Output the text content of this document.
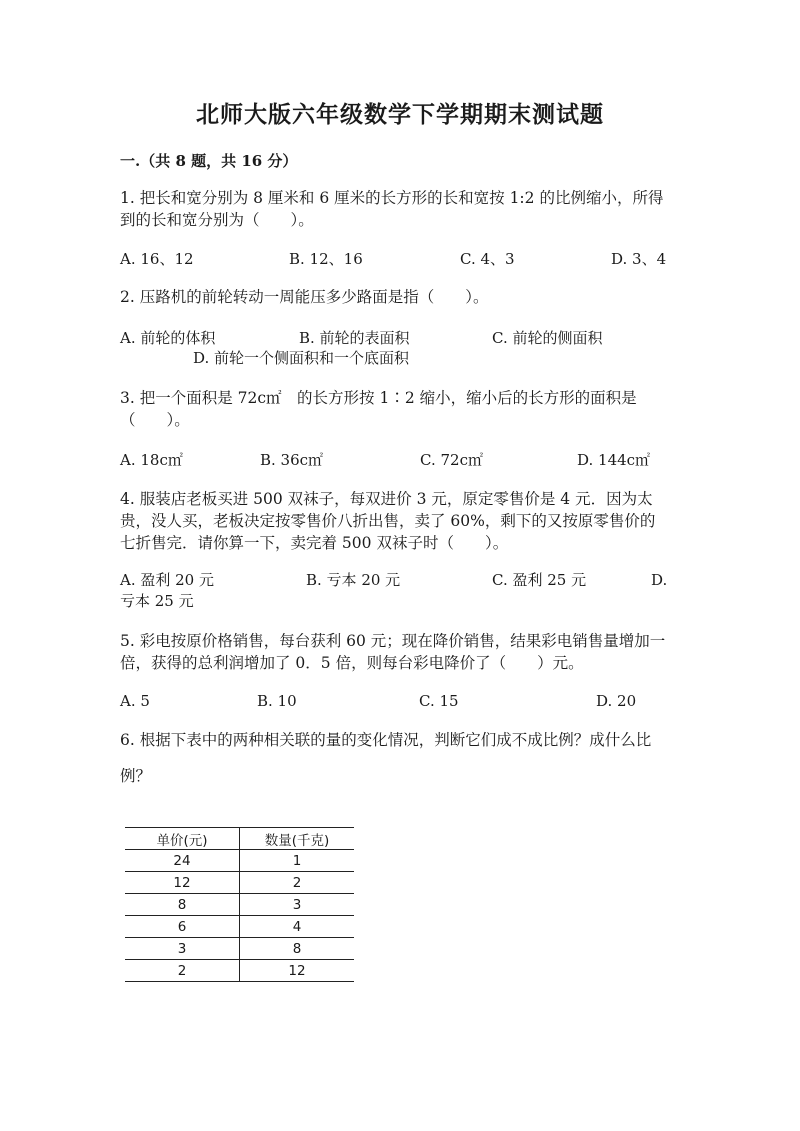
北师大版六年级数学下学期期末测试题
一.（共 8 题，共 16 分）
1. 把长和宽分别为 8 厘米和 6 厘米的长方形的长和宽按 1:2 的比例缩小，所得
到的长和宽分别为（　　）。
A. 16、12	B. 12、16	C. 4、3	D. 3、4
2. 压路机的前轮转动一周能压多少路面是指（　　）。
A. 前轮的体积	B. 前轮的表面积	C. 前轮的侧面积
D. 前轮一个侧面积和一个底面积
3. 把一个面积是 72c㎡　的长方形按 1∶2 缩小，缩小后的长方形的面积是
（　　）。
A. 18c㎡	B. 36c㎡	C. 72c㎡	D. 144c㎡
4. 服装店老板买进 500 双袜子，每双进价 3 元，原定零售价是 4 元．因为太
贵，没人买，老板决定按零售价八折出售，卖了 60%，剩下的又按原零售价的
七折售完．请你算一下，卖完着 500 双袜子时（　　）。
A. 盈利 20 元	B. 亏本 20 元	C. 盈利 25 元	D.
亏本 25 元
5. 彩电按原价格销售，每台获利 60 元；现在降价销售，结果彩电销售量增加一
倍，获得的总利润增加了 0．5 倍，则每台彩电降价了（　　）元。
A. 5	B. 10	C. 15	D. 20
6. 根据下表中的两种相关联的量的变化情况，判断它们成不成比例？成什么比
例？
单价(元)	数量(千克)
24	1
12	2
8	3
6	4
3	8
2	12
